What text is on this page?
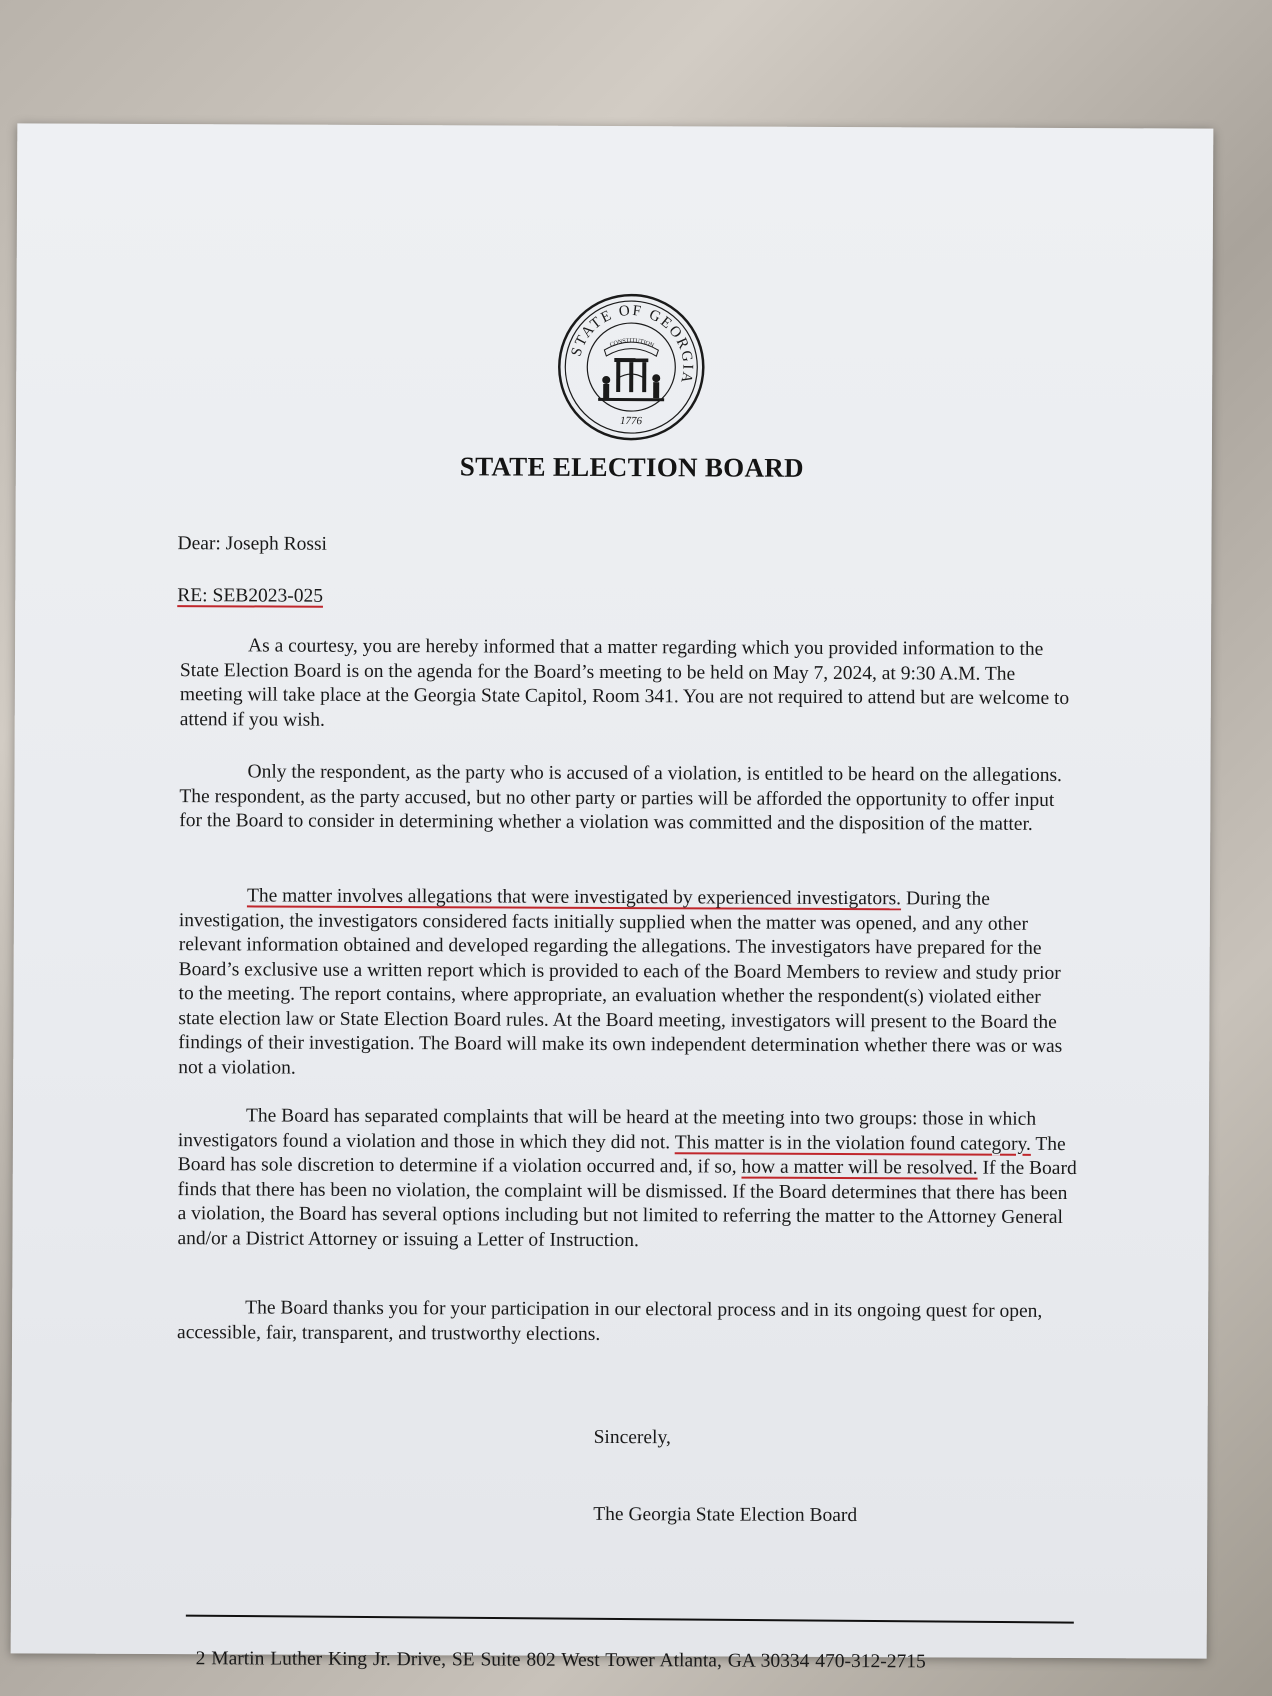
STATE OF GEORGIA
CONSTITUTION
1776
STATE ELECTION BOARD
Dear: Joseph Rossi
RE: SEB2023-025

As a courtesy, you are hereby informed that a matter regarding which you provided information to the State Election Board is on the agenda for the Board’s meeting to be held on May 7, 2024, at 9:30 A.M. The meeting will take place at the Georgia State Capitol, Room 341. You are not required to attend but are welcome to attend if you wish.

Only the respondent, as the party who is accused of a violation, is entitled to be heard on the allegations. The respondent, as the party accused, but no other party or parties will be afforded the opportunity to offer input for the Board to consider in determining whether a violation was committed and the disposition of the matter.

The matter involves allegations that were investigated by experienced investigators. During the investigation, the investigators considered facts initially supplied when the matter was opened, and any other relevant information obtained and developed regarding the allegations. The investigators have prepared for the Board’s exclusive use a written report which is provided to each of the Board Members to review and study prior to the meeting. The report contains, where appropriate, an evaluation whether the respondent(s) violated either state election law or State Election Board rules. At the Board meeting, investigators will present to the Board the findings of their investigation. The Board will make its own independent determination whether there was or was not a violation.

The Board has separated complaints that will be heard at the meeting into two groups: those in which investigators found a violation and those in which they did not. This matter is in the violation found category. The Board has sole discretion to determine if a violation occurred and, if so, how a matter will be resolved. If the Board finds that there has been no violation, the complaint will be dismissed. If the Board determines that there has been a violation, the Board has several options including but not limited to referring the matter to the Attorney General and/or a District Attorney or issuing a Letter of Instruction.

The Board thanks you for your participation in our electoral process and in its ongoing quest for open, accessible, fair, transparent, and trustworthy elections.

Sincerely,
The Georgia State Election Board
2 Martin Luther King Jr. Drive, SE Suite 802 West Tower Atlanta, GA 30334 470-312-2715
